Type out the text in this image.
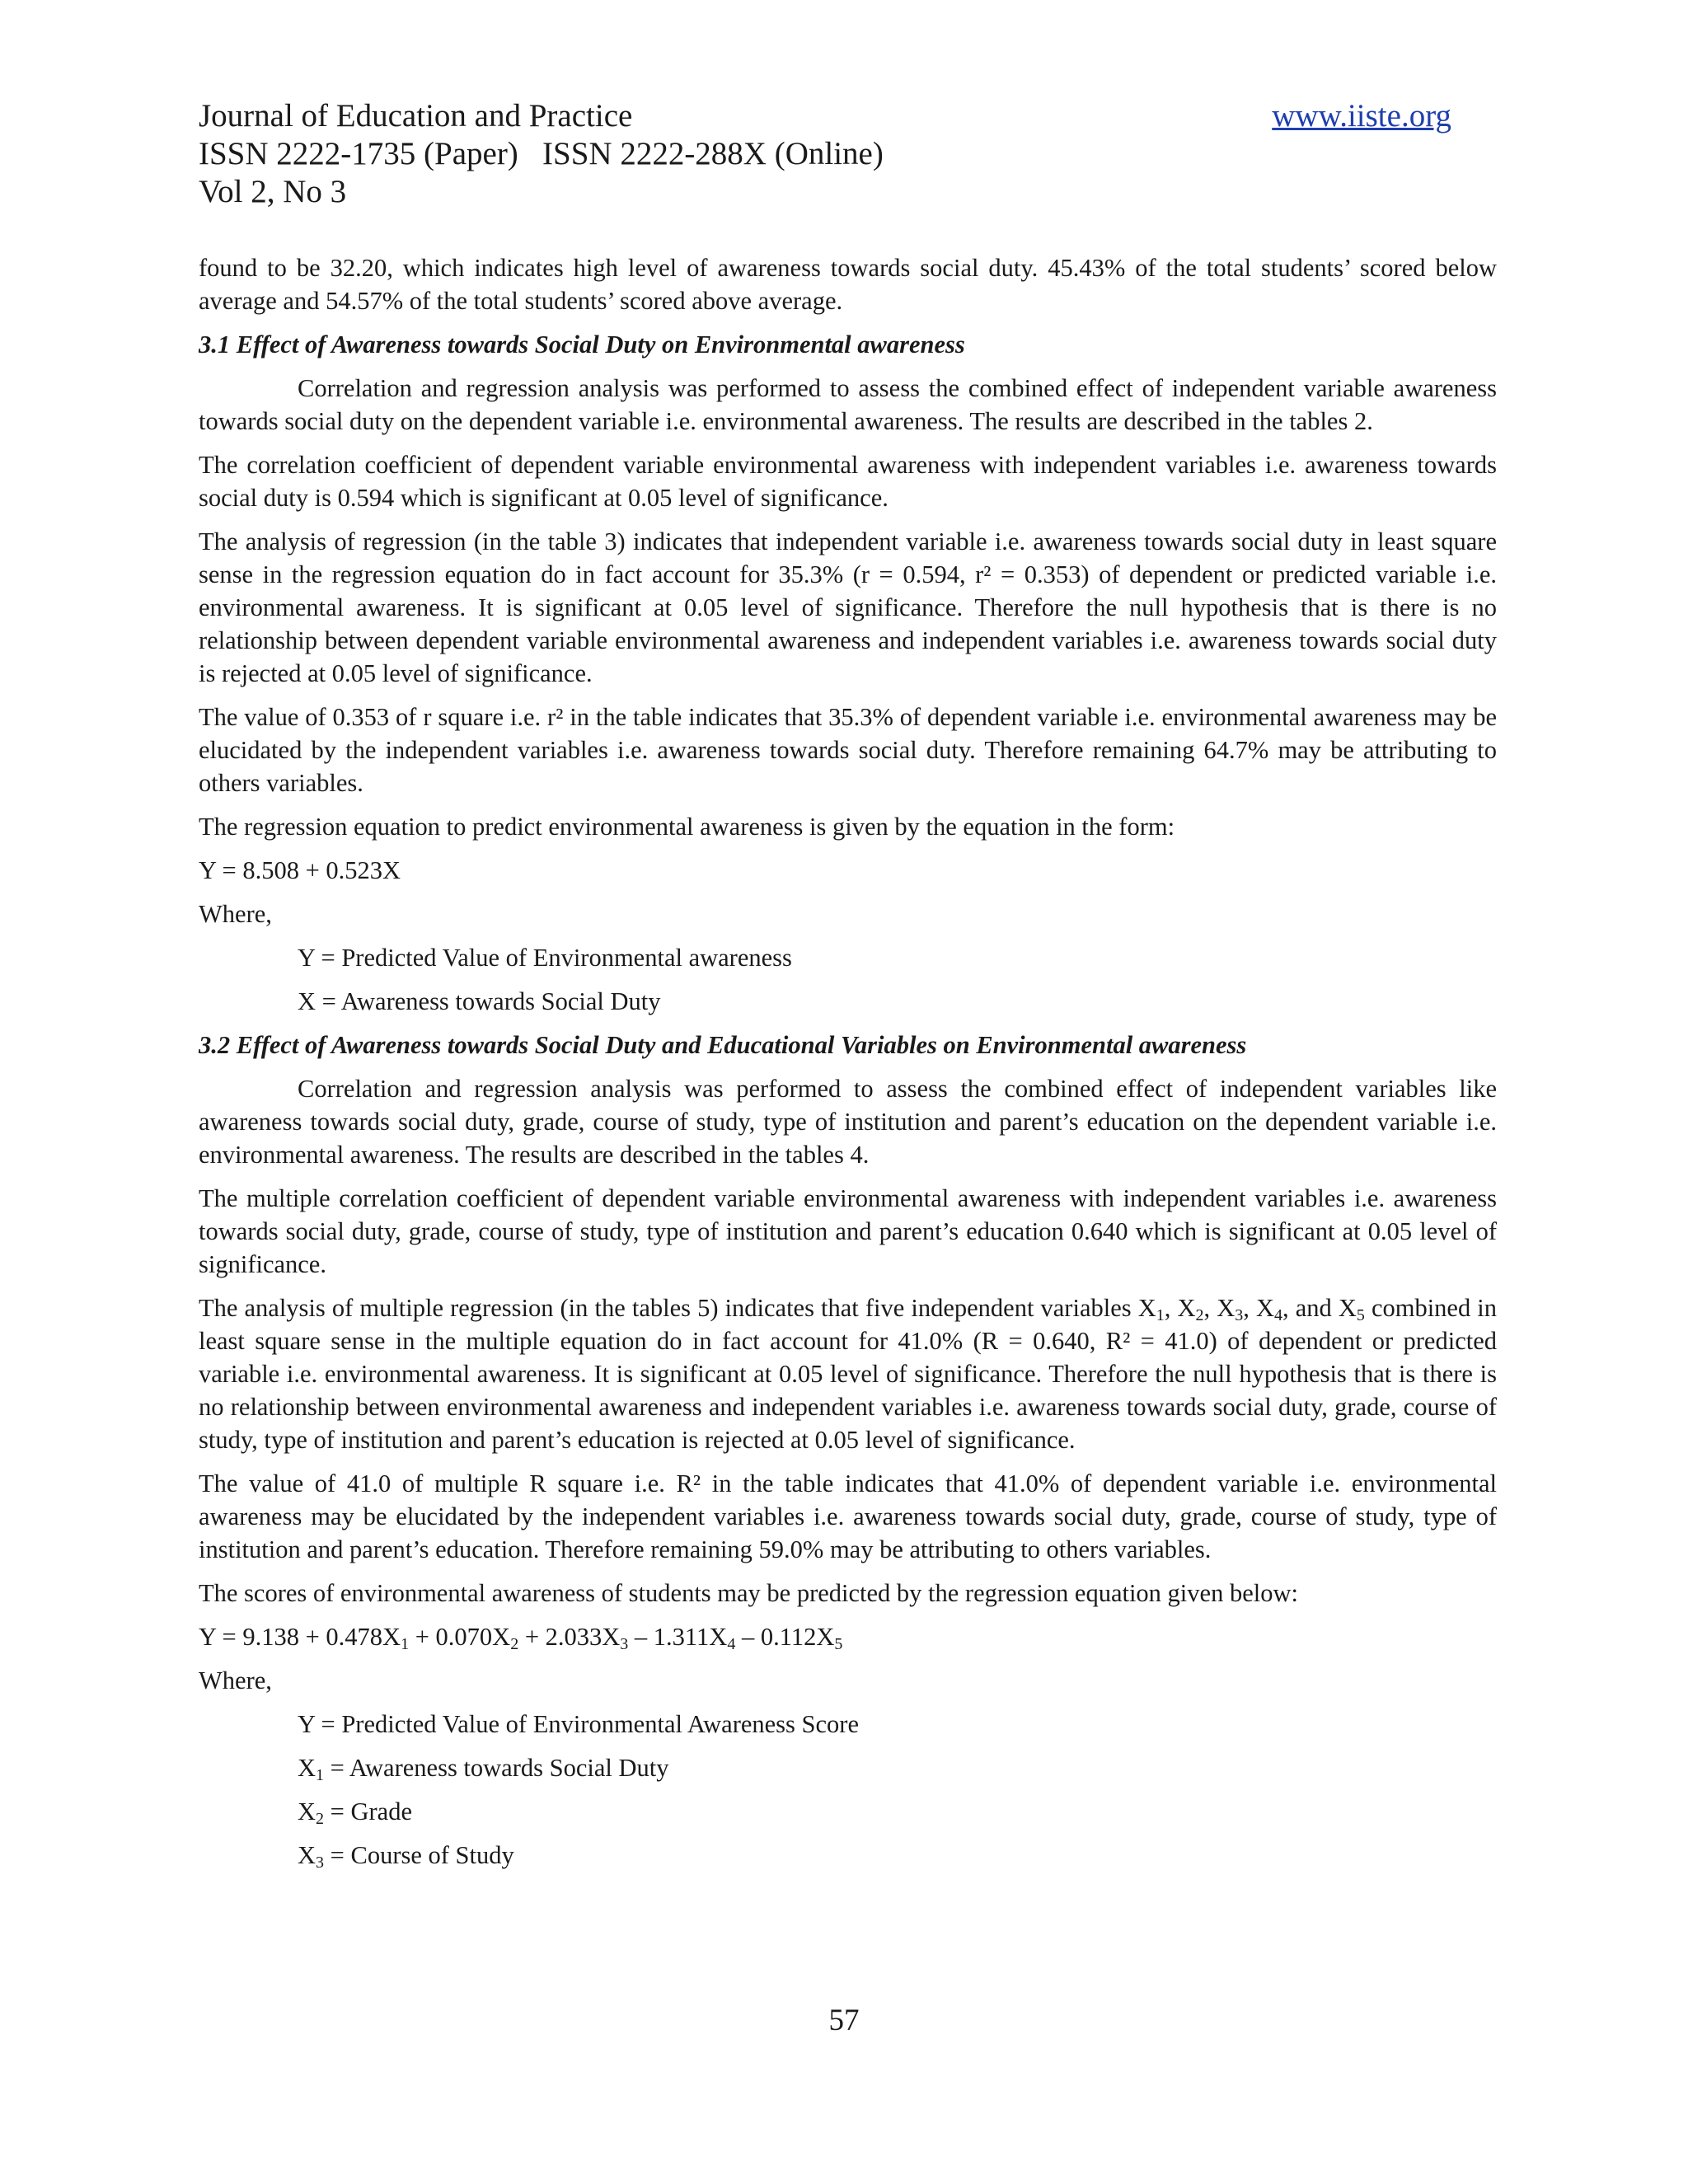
Journal of Education and Practice	www.iiste.org
ISSN 2222-1735 (Paper)   ISSN 2222-288X (Online)
Vol 2, No 3

found to be 32.20, which indicates high level of awareness towards social duty. 45.43% of the total students’ scored below average and 54.57% of the total students’ scored above average.

3.1 Effect of Awareness towards Social Duty on Environmental awareness

Correlation and regression analysis was performed to assess the combined effect of independent variable awareness towards social duty on the dependent variable i.e. environmental awareness. The results are described in the tables 2.

The correlation coefficient of dependent variable environmental awareness with independent variables i.e. awareness towards social duty is 0.594 which is significant at 0.05 level of significance.

The analysis of regression (in the table 3) indicates that independent variable i.e. awareness towards social duty in least square sense in the regression equation do in fact account for 35.3% (r = 0.594, r² = 0.353) of dependent or predicted variable i.e. environmental awareness. It is significant at 0.05 level of significance. Therefore the null hypothesis that is there is no relationship between dependent variable environmental awareness and independent variables i.e. awareness towards social duty is rejected at 0.05 level of significance.

The value of 0.353 of r square i.e. r² in the table indicates that 35.3% of dependent variable i.e. environmental awareness may be elucidated by the independent variables i.e. awareness towards social duty. Therefore remaining 64.7% may be attributing to others variables.

The regression equation to predict environmental awareness is given by the equation in the form:

Y = 8.508 + 0.523X

Where,

Y = Predicted Value of Environmental awareness

X = Awareness towards Social Duty

3.2 Effect of Awareness towards Social Duty and Educational Variables on Environmental awareness

Correlation and regression analysis was performed to assess the combined effect of independent variables like awareness towards social duty, grade, course of study, type of institution and parent’s education on the dependent variable i.e. environmental awareness. The results are described in the tables 4.

The multiple correlation coefficient of dependent variable environmental awareness with independent variables i.e. awareness towards social duty, grade, course of study, type of institution and parent’s education 0.640 which is significant at 0.05 level of significance.

The analysis of multiple regression (in the tables 5) indicates that five independent variables $X_1$, $X_2$, $X_3$, $X_4$, and $X_5$ combined in least square sense in the multiple equation do in fact account for 41.0% (R = 0.640, R² = 41.0) of dependent or predicted variable i.e. environmental awareness. It is significant at 0.05 level of significance. Therefore the null hypothesis that is there is no relationship between environmental awareness and independent variables i.e. awareness towards social duty, grade, course of study, type of institution and parent’s education is rejected at 0.05 level of significance.

The value of 41.0 of multiple R square i.e. R² in the table indicates that 41.0% of dependent variable i.e. environmental awareness may be elucidated by the independent variables i.e. awareness towards social duty, grade, course of study, type of institution and parent’s education. Therefore remaining 59.0% may be attributing to others variables.

The scores of environmental awareness of students may be predicted by the regression equation given below:

$Y = 9.138 + 0.478X_1 + 0.070X_2 + 2.033X_3 - 1.311X_4 - 0.112X_5$

Where,

Y = Predicted Value of Environmental Awareness Score

$X_1$ = Awareness towards Social Duty

$X_2$ = Grade

$X_3$ = Course of Study

57
